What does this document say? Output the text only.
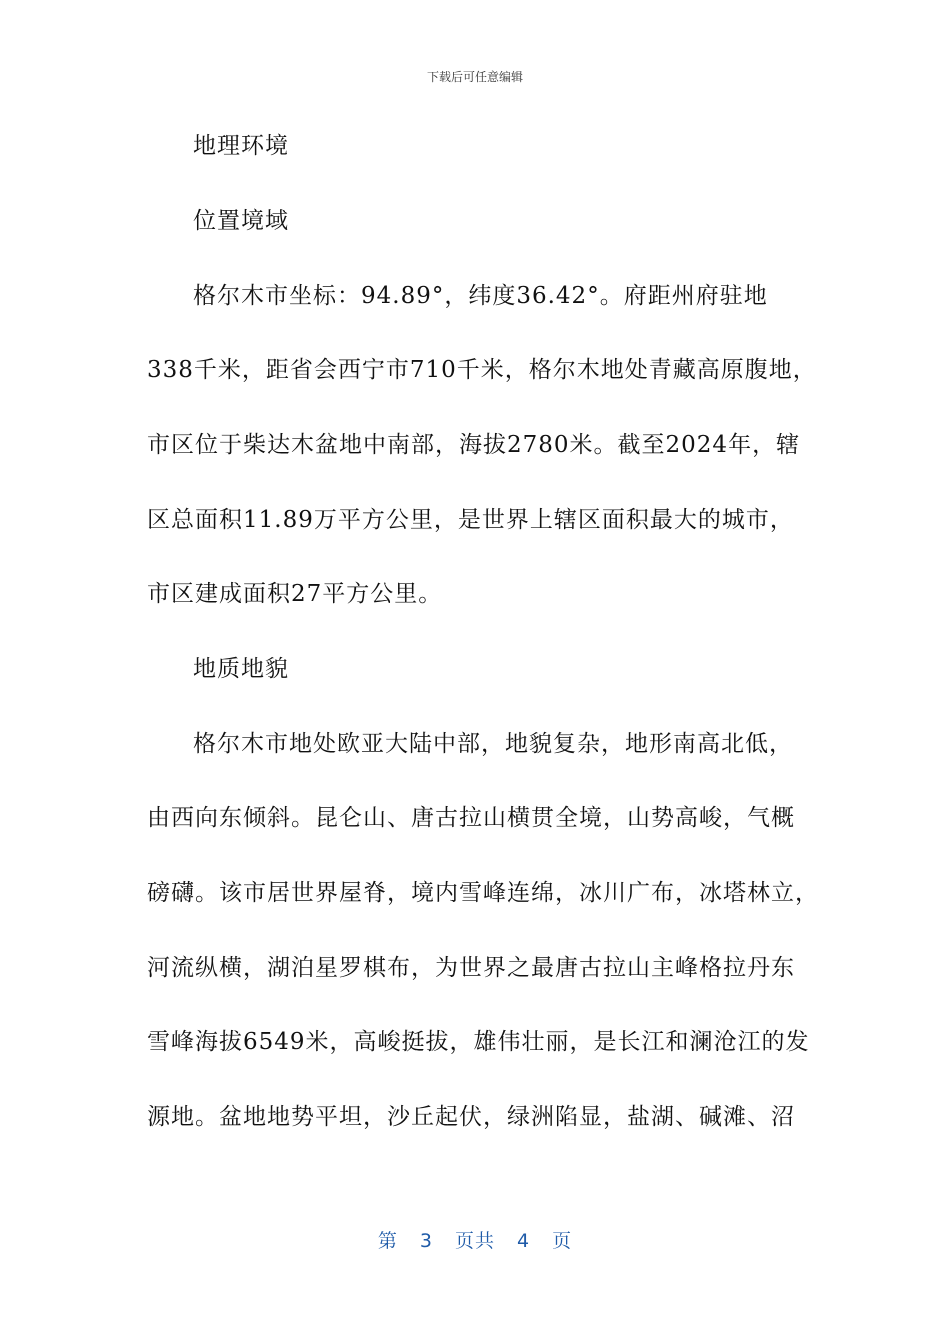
下载后可任意编辑
地理环境
位置境域
格尔木市坐标：94.89°，纬度36.42°。府距州府驻地
338千米，距省会西宁市710千米，格尔木地处青藏高原腹地，
市区位于柴达木盆地中南部，海拔2780米。截至2024年，辖
区总面积11.89万平方公里，是世界上辖区面积最大的城市，
市区建成面积27平方公里。
地质地貌
格尔木市地处欧亚大陆中部，地貌复杂，地形南高北低，
由西向东倾斜。昆仑山、唐古拉山横贯全境，山势高峻，气概
磅礴。该市居世界屋脊，境内雪峰连绵，冰川广布，冰塔林立，
河流纵横，湖泊星罗棋布，为世界之最唐古拉山主峰格拉丹东
雪峰海拔6549米，高峻挺拔，雄伟壮丽，是长江和澜沧江的发
源地。盆地地势平坦，沙丘起伏，绿洲陷显，盐湖、碱滩、沼
第 3 页共 4 页
